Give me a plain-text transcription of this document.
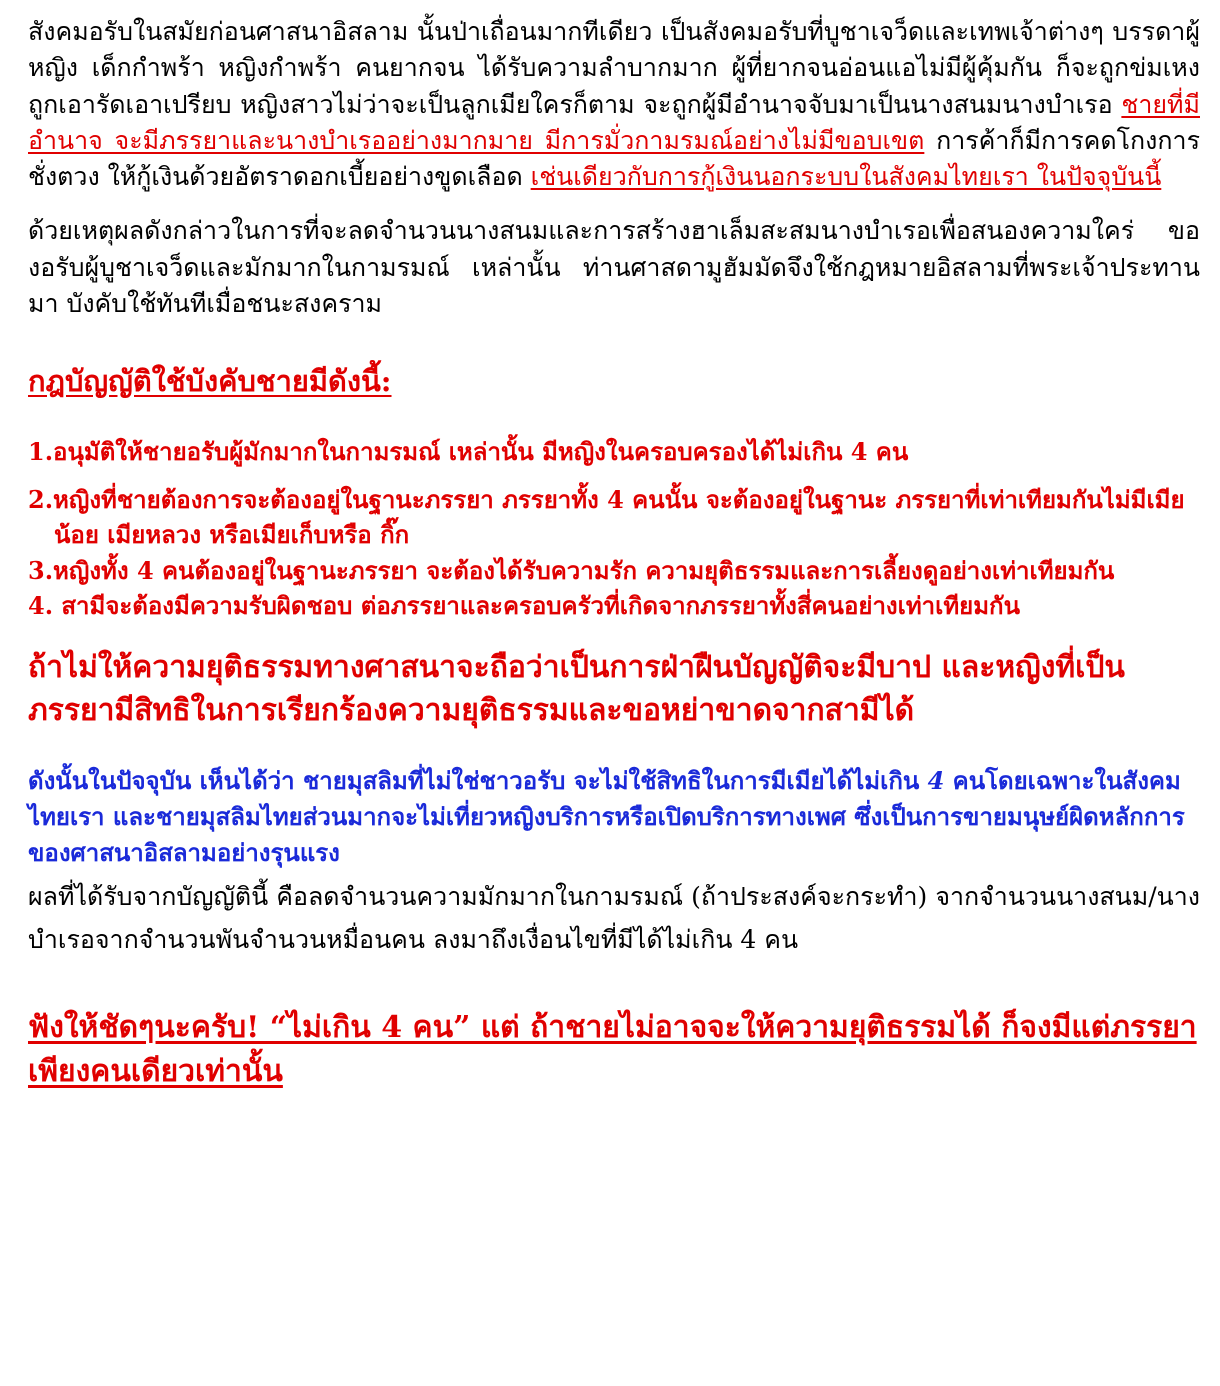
สังคมอรับในสมัยก่อนศาสนาอิสลาม นั้นป่าเถื่อนมากทีเดียว เป็นสังคมอรับที่บูชาเจว็ดและเทพเจ้าต่างๆ บรรดาผู้หญิง เด็กกำพร้า หญิงกำพร้า คนยากจน ได้รับความลำบากมาก ผู้ที่ยากจนอ่อนแอไม่มีผู้คุ้มกัน ก็จะถูกข่มเหง ถูกเอารัดเอาเปรียบ หญิงสาวไม่ว่าจะเป็นลูกเมียใครก็ตาม จะถูกผู้มีอำนาจจับมาเป็นนางสนมนางบำเรอ ชายที่มีอำนาจ จะมีภรรยาและนางบำเรออย่างมากมาย มีการมั่วกามรมณ์อย่างไม่มีขอบเขต การค้าก็มีการคดโกงการชั่งตวง ให้กู้เงินด้วยอัตราดอกเบี้ยอย่างขูดเลือด เช่นเดียวกับการกู้เงินนอกระบบในสังคมไทยเรา ในปัจจุบันนี้

ด้วยเหตุผลดังกล่าวในการที่จะลดจำนวนนางสนมและการสร้างฮาเล็มสะสมนางบำเรอเพื่อสนองความใคร่ ของอรับผู้บูชาเจว็ดและมักมากในกามรมณ์ เหล่านั้น ท่านศาสดามูฮัมมัดจึงใช้กฎหมายอิสลามที่พระเจ้าประทานมา บังคับใช้ทันทีเมื่อชนะสงคราม

กฎบัญญัติใช้บังคับชายมีดังนี้:

1.อนุมัติให้ชายอรับผู้มักมากในกามรมณ์ เหล่านั้น มีหญิงในครอบครองได้ไม่เกิน 4 คน

2.หญิงที่ชายต้องการจะต้องอยู่ในฐานะภรรยา ภรรยาทั้ง 4 คนนั้น จะต้องอยู่ในฐานะ ภรรยาที่เท่าเทียมกันไม่มีเมียน้อย เมียหลวง หรือเมียเก็บหรือ กิ๊ก

3.หญิงทั้ง 4 คนต้องอยู่ในฐานะภรรยา จะต้องได้รับความรัก ความยุติธรรมและการเลี้ยงดูอย่างเท่าเทียมกัน

4. สามีจะต้องมีความรับผิดชอบ ต่อภรรยาและครอบครัวที่เกิดจากภรรยาทั้งสี่คนอย่างเท่าเทียมกัน

ถ้าไม่ให้ความยุติธรรมทางศาสนาจะถือว่าเป็นการฝ่าฝืนบัญญัติจะมีบาป และหญิงที่เป็นภรรยามีสิทธิในการเรียกร้องความยุติธรรมและขอหย่าขาดจากสามีได้

ดังนั้นในปัจจุบัน เห็นได้ว่า ชายมุสลิมที่ไม่ใช่ชาวอรับ จะไม่ใช้สิทธิในการมีเมียได้ไม่เกิน 4 คนโดยเฉพาะในสังคมไทยเรา และชายมุสลิมไทยส่วนมากจะไม่เที่ยวหญิงบริการหรือเปิดบริการทางเพศ ซึ่งเป็นการขายมนุษย์ผิดหลักการของศาสนาอิสลามอย่างรุนแรง

ผลที่ได้รับจากบัญญัตินี้ คือลดจำนวนความมักมากในกามรมณ์ (ถ้าประสงค์จะกระทำ) จากจำนวนนางสนม/นางบำเรอจากจำนวนพันจำนวนหมื่อนคน ลงมาถึงเงื่อนไขที่มีได้ไม่เกิน 4 คน

ฟังให้ชัดๆนะครับ! “ไม่เกิน 4 คน” แต่ ถ้าชายไม่อาจจะให้ความยุติธรรมได้ ก็จงมีแต่ภรรยาเพียงคนเดียวเท่านั้น
